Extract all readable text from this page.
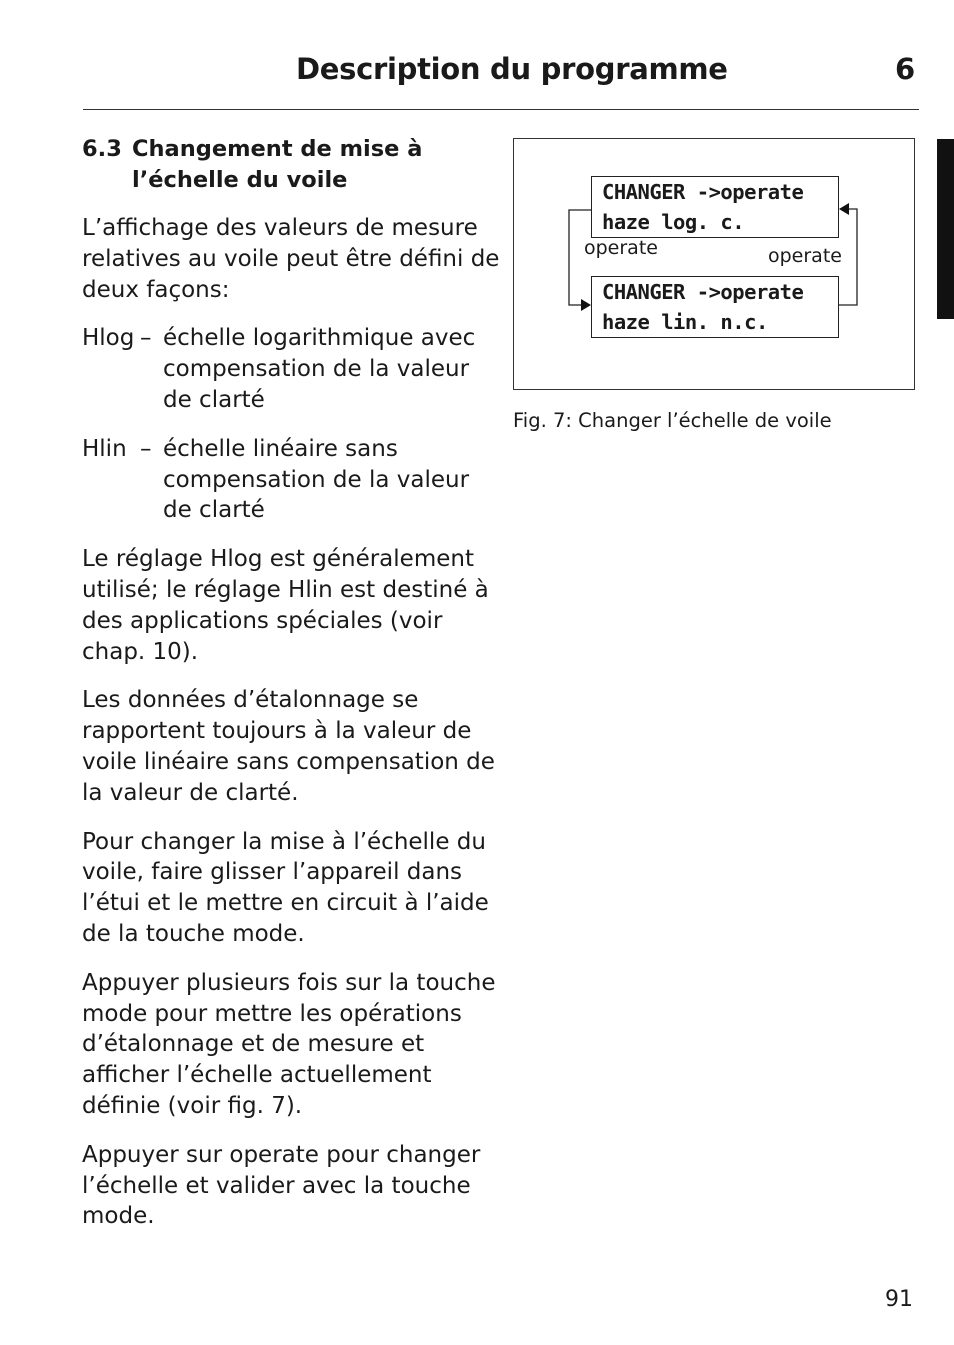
Description du programme	6
6.3 Changement de mise à
l’échelle du voile

L’affichage des valeurs de mesure relatives au voile peut être défini de deux façons:

Hlog – échelle logarithmique avec compensation de la valeur de clarté
Hlin – échelle linéaire sans compensation de la valeur de clarté

Le réglage Hlog est généralement utilisé; le réglage Hlin est destiné à des applications spéciales (voir chap. 10).

Les données d’étalonnage se rapportent toujours à la valeur de voile linéaire sans compensation de la valeur de clarté.

Pour changer la mise à l’échelle du voile, faire glisser l’appareil dans l’étui et le mettre en circuit à l’aide de la touche mode.

Appuyer plusieurs fois sur la touche mode pour mettre les opérations d’étalonnage et de mesure et afficher l’échelle actuellement définie (voir fig. 7).

Appuyer sur operate pour changer l’échelle et valider avec la touche mode.

CHANGER ->operate
haze log. c.
CHANGER ->operate
haze lin. n.c.
operate	operate
Fig. 7: Changer l’échelle de voile
91
